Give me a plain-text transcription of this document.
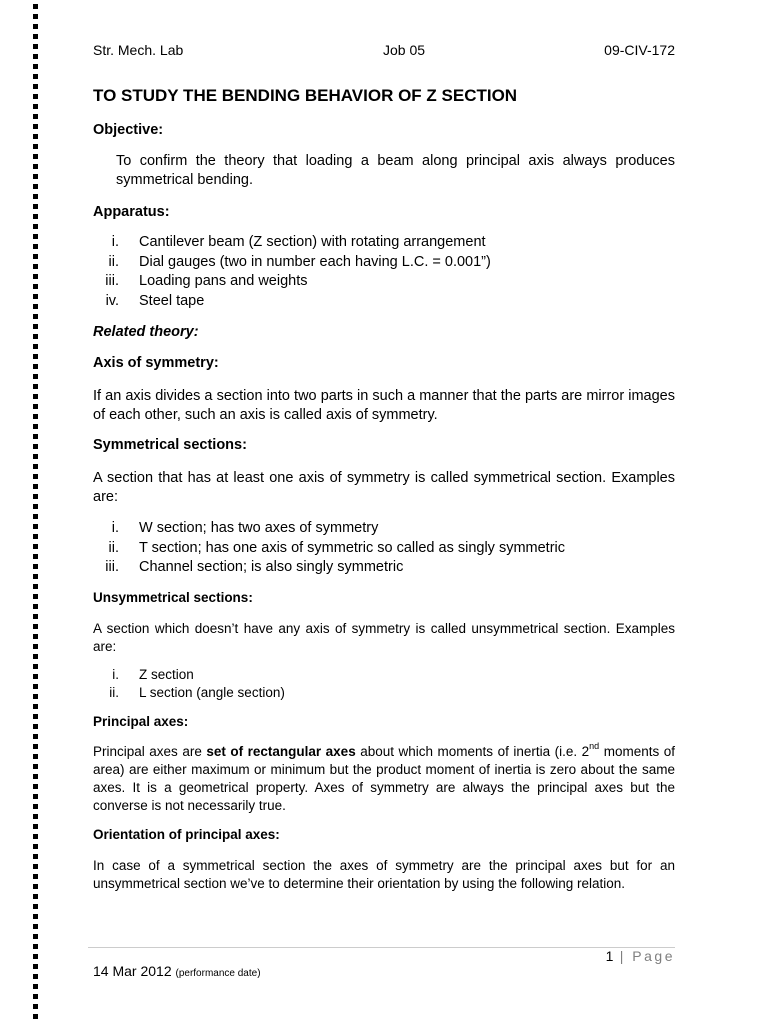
Str. Mech. Lab	Job 05	09-CIV-172
TO STUDY THE BENDING BEHAVIOR OF Z SECTION
Objective:

To confirm the theory that loading a beam along principal axis always produces symmetrical bending.

Apparatus:
i. Cantilever beam (Z section) with rotating arrangement
ii. Dial gauges (two in number each having L.C. = 0.001”)
iii. Loading pans and weights
iv. Steel tape
Related theory:
Axis of symmetry:

If an axis divides a section into two parts in such a manner that the parts are mirror images of each other, such an axis is called axis of symmetry.

Symmetrical sections:

A section that has at least one axis of symmetry is called symmetrical section. Examples are:

i. W section; has two axes of symmetry
ii. T section; has one axis of symmetric so called as singly symmetric
iii. Channel section; is also singly symmetric
Unsymmetrical sections:

A section which doesn’t have any axis of symmetry is called unsymmetrical section. Examples are:

i. Z section
ii. L section (angle section)
Principal axes:

Principal axes are set of rectangular axes about which moments of inertia (i.e. 2nd moments of area) are either maximum or minimum but the product moment of inertia is zero about the same axes. It is a geometrical property. Axes of symmetry are always the principal axes but the converse is not necessarily true.

Orientation of principal axes:

In case of a symmetrical section the axes of symmetry are the principal axes but for an unsymmetrical section we’ve to determine their orientation by using the following relation.

1 | Page
14 Mar 2012 (performance date)
